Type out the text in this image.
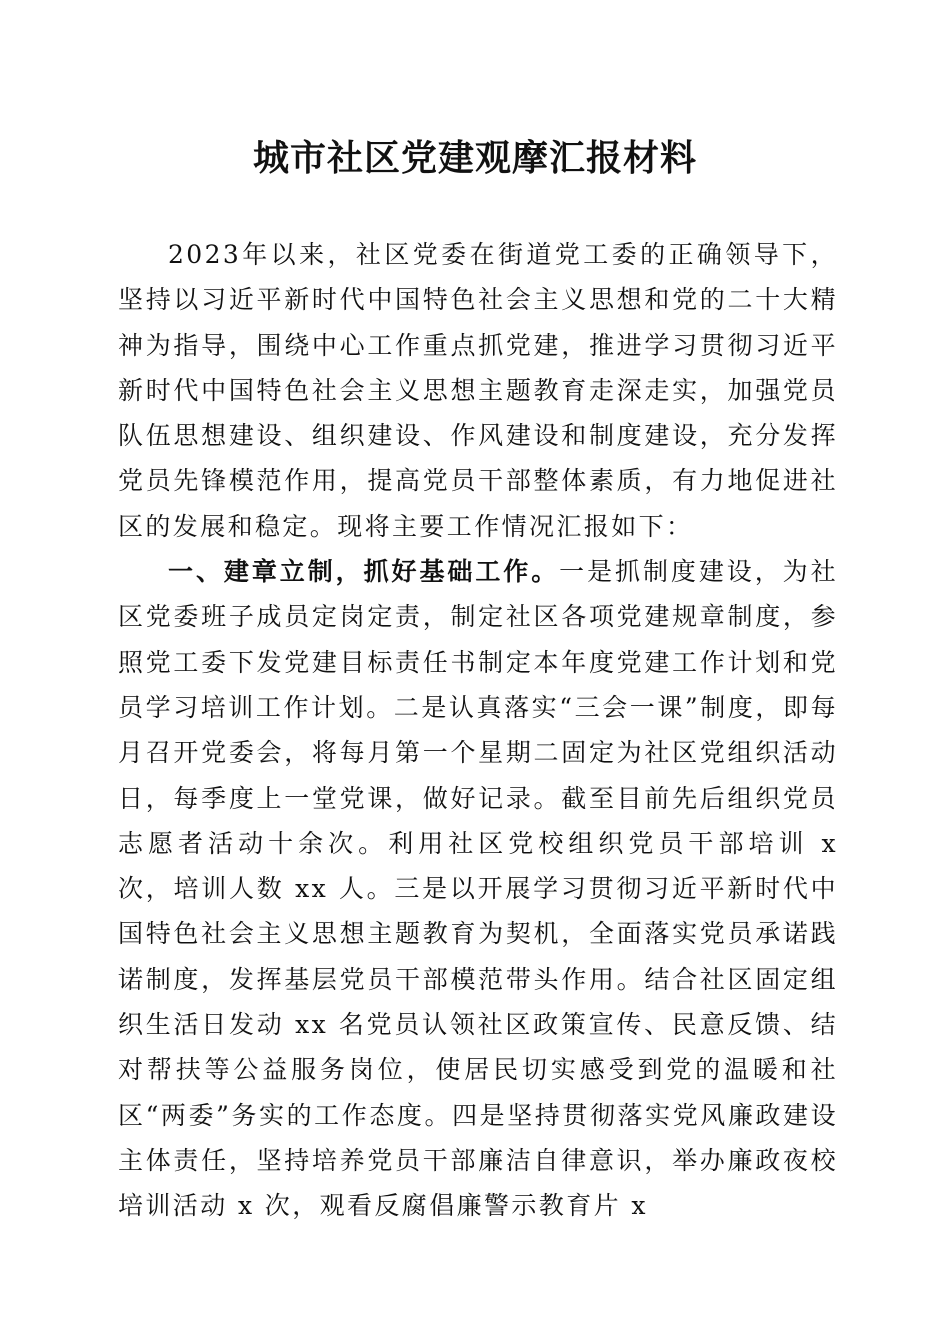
城市社区党建观摩汇报材料

2023年以来，社区党委在街道党工委的正确领导下，坚持以习近平新时代中国特色社会主义思想和党的二十大精神为指导，围绕中心工作重点抓党建，推进学习贯彻习近平新时代中国特色社会主义思想主题教育走深走实，加强党员队伍思想建设、组织建设、作风建设和制度建设，充分发挥党员先锋模范作用，提高党员干部整体素质，有力地促进社区的发展和稳定。现将主要工作情况汇报如下：

一、建章立制，抓好基础工作。一是抓制度建设，为社区党委班子成员定岗定责，制定社区各项党建规章制度，参照党工委下发党建目标责任书制定本年度党建工作计划和党员学习培训工作计划。二是认真落实“三会一课”制度，即每月召开党委会，将每月第一个星期二固定为社区党组织活动日，每季度上一堂党课，做好记录。截至目前先后组织党员志愿者活动十余次。利用社区党校组织党员干部培训 x 次，培训人数 xx 人。三是以开展学习贯彻习近平新时代中国特色社会主义思想主题教育为契机，全面落实党员承诺践诺制度，发挥基层党员干部模范带头作用。结合社区固定组织生活日发动 xx 名党员认领社区政策宣传、民意反馈、结对帮扶等公益服务岗位，使居民切实感受到党的温暖和社区“两委”务实的工作态度。四是坚持贯彻落实党风廉政建设主体责任，坚持培养党员干部廉洁自律意识，举办廉政夜校培训活动 x 次，观看反腐倡廉警示教育片 x
